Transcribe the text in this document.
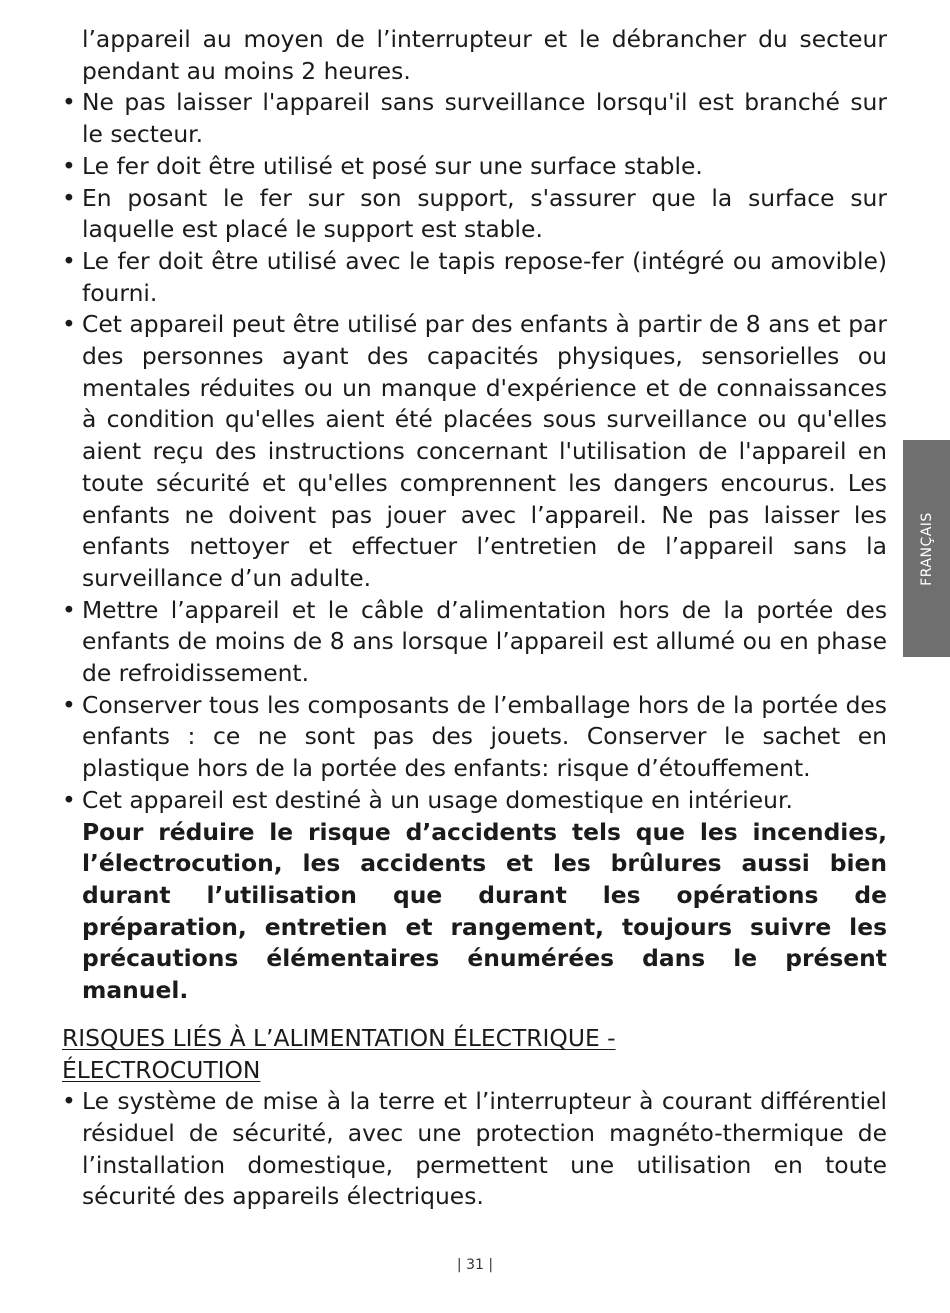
l’appareil au moyen de l’interrupteur et le débrancher du secteur pendant au moins 2 heures.
• Ne pas laisser l'appareil sans surveillance lorsqu'il est branché sur le secteur.
• Le fer doit être utilisé et posé sur une surface stable.
• En posant le fer sur son support, s'assurer que la surface sur laquelle est placé le support est stable.
• Le fer doit être utilisé avec le tapis repose-fer (intégré ou amovible) fourni.
• Cet appareil peut être utilisé par des enfants à partir de 8 ans et par des personnes ayant des capacités physiques, sensorielles ou mentales réduites ou un manque d'expérience et de connaissances à condition qu'elles aient été placées sous surveillance ou qu'elles aient reçu des instructions concernant l'utilisation de l'appareil en toute sécurité et qu'elles comprennent les dangers encourus. Les enfants ne doivent pas jouer avec l’appareil. Ne pas laisser les enfants nettoyer et effectuer l’entretien de l’appareil sans la surveillance d’un adulte.
• Mettre l’appareil et le câble d’alimentation hors de la portée des enfants de moins de 8 ans lorsque l’appareil est allumé ou en phase de refroidissement.
• Conserver tous les composants de l’emballage hors de la portée des enfants : ce ne sont pas des jouets. Conserver le sachet en plastique hors de la portée des enfants: risque d’étouffement.
• Cet appareil est destiné à un usage domestique en intérieur.
Pour réduire le risque d’accidents tels que les incendies, l’électrocution, les accidents et les brûlures aussi bien durant l’utilisation que durant les opérations de préparation, entretien et rangement, toujours suivre les précautions élémentaires énumérées dans le présent manuel.
RISQUES LIÉS À L’ALIMENTATION ÉLECTRIQUE - ÉLECTROCUTION
• Le système de mise à la terre et l’interrupteur à courant différentiel résiduel de sécurité, avec une protection magnéto-thermique de l’installation domestique, permettent une utilisation en toute sécurité des appareils électriques.
FRANÇAIS
| 31 |
